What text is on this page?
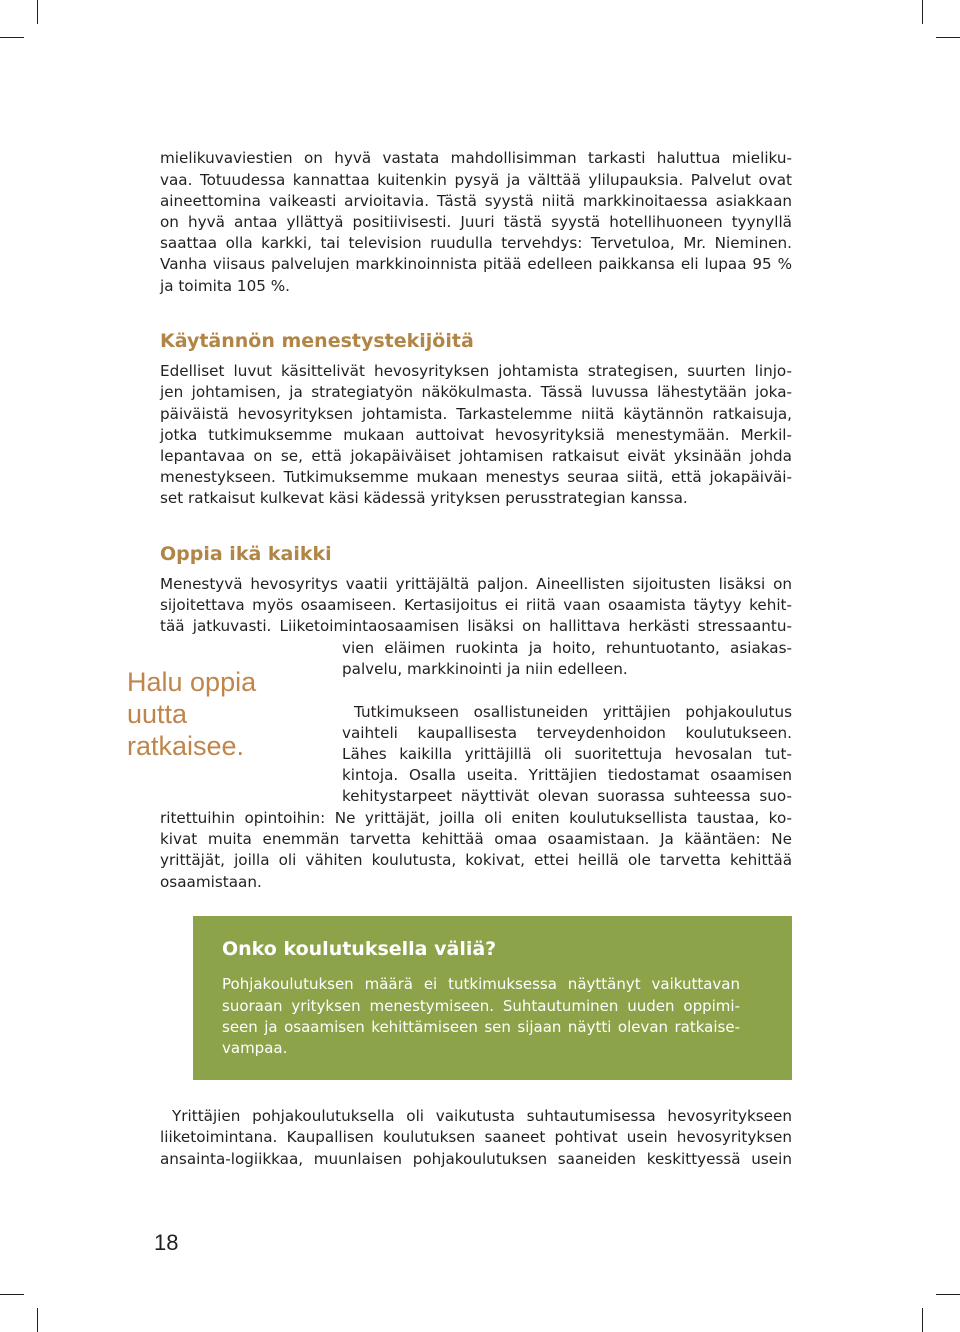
mielikuvaviestien on hyvä vastata mahdollisimman tarkasti haluttua mieliku-
vaa. Totuudessa kannattaa kuitenkin pysyä ja välttää ylilupauksia. Palvelut ovat
aineettomina vaikeasti arvioitavia. Tästä syystä niitä markkinoitaessa asiakkaan
on hyvä antaa yllättyä positiivisesti. Juuri tästä syystä hotellihuoneen tyynyllä
saattaa olla karkki, tai television ruudulla tervehdys: Tervetuloa, Mr. Nieminen.
Vanha viisaus palvelujen markkinoinnista pitää edelleen paikkansa eli lupaa 95 %
ja toimita 105 %.
Käytännön menestystekijöitä
Edelliset luvut käsittelivät hevosyrityksen johtamista strategisen, suurten linjo-
jen johtamisen, ja strategiatyön näkökulmasta. Tässä luvussa lähestytään joka-
päiväistä hevosyrityksen johtamista. Tarkastelemme niitä käytännön ratkaisuja,
jotka tutkimuksemme mukaan auttoivat hevosyrityksiä menestymään. Merkil-
lepantavaa on se, että jokapäiväiset johtamisen ratkaisut eivät yksinään johda
menestykseen. Tutkimuksemme mukaan menestys seuraa siitä, että jokapäiväi-
set ratkaisut kulkevat käsi kädessä yrityksen perusstrategian kanssa.
Oppia ikä kaikki
Menestyvä hevosyritys vaatii yrittäjältä paljon. Aineellisten sijoitusten lisäksi on
sijoitettava myös osaamiseen. Kertasijoitus ei riitä vaan osaamista täytyy kehit-
tää jatkuvasti. Liiketoimintaosaamisen lisäksi on hallittava herkästi stressaantu-
vien eläimen ruokinta ja hoito, rehuntuotanto, asiakas-
palvelu, markkinointi ja niin edelleen.
Halu oppia
uutta
ratkaisee.
Tutkimukseen osallistuneiden yrittäjien pohjakoulutus
vaihteli kaupallisesta terveydenhoidon koulutukseen.
Lähes kaikilla yrittäjillä oli suoritettuja hevosalan tut-
kintoja. Osalla useita. Yrittäjien tiedostamat osaamisen
kehitystarpeet näyttivät olevan suorassa suhteessa suo-
ritettuihin opintoihin: Ne yrittäjät, joilla oli eniten koulutuksellista taustaa, ko-
kivat muita enemmän tarvetta kehittää omaa osaamistaan. Ja kääntäen: Ne
yrittäjät, joilla oli vähiten koulutusta, kokivat, ettei heillä ole tarvetta kehittää
osaamistaan.
Onko koulutuksella väliä?
Pohjakoulutuksen määrä ei tutkimuksessa näyttänyt vaikuttavan
suoraan yrityksen menestymiseen. Suhtautuminen uuden oppimi-
seen ja osaamisen kehittämiseen sen sijaan näytti olevan ratkaise-
vampaa.
Yrittäjien pohjakoulutuksella oli vaikutusta suhtautumisessa hevosyritykseen
liiketoimintana. Kaupallisen koulutuksen saaneet pohtivat usein hevosyrityksen
ansainta-logiikkaa, muunlaisen pohjakoulutuksen saaneiden keskittyessä usein
18
